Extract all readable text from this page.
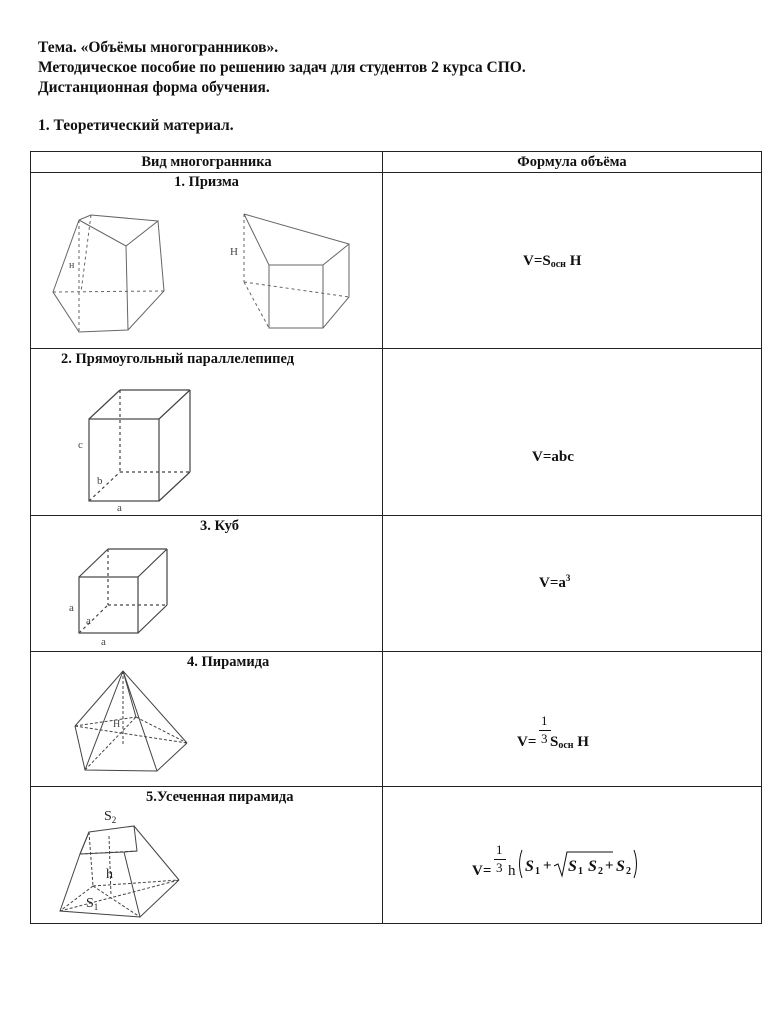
Тема. «Объёмы многогранников».

Методическое пособие по решению задач для студентов 2 курса СПО.

Дистанционная форма обучения.

1. Теоретический материал.
Вид многогранника	Формула объёма
1. Призма
н
Н
$V=S_{осн}$ H
2. Прямоугольный параллелепипед
c
b
a
V=abc
3. Куб
a
a
a
$V=a^3$
4. Пирамида
H
V=
1
3 $S_{осн}$ H
5.Усеченная пирамида
$S_2$
h
$S_1$
V=
1
3 h S 1 + S 1 S 2 + S 2
